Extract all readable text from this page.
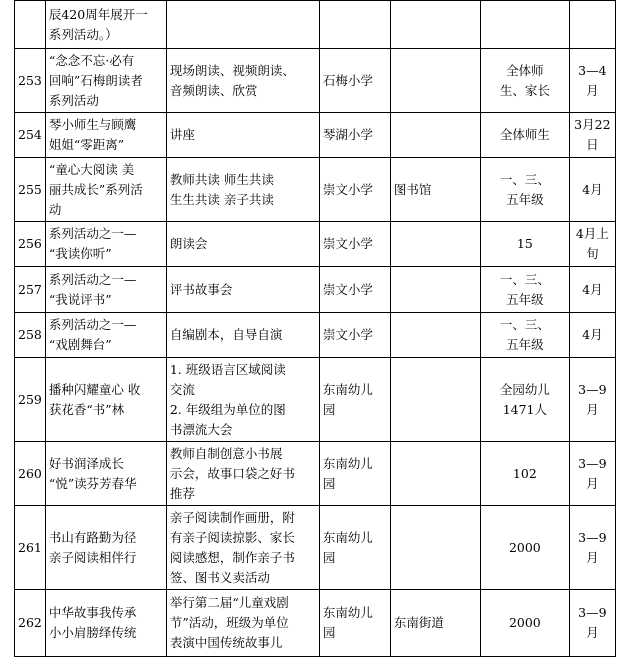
	辰420周年展开一
系列活动。）					
253	“念念不忘·必有
回响”石梅朗读者
系列活动	现场朗读、视频朗读、
音频朗读、欣赏	石梅小学		全体师
生、家长	3—4月
254	琴小师生与顾鹰
姐姐“零距离”	讲座	琴湖小学		全体师生	3月22
日
255	“童心大阅读 美
丽共成长”系列活
动	教师共读 师生共读
生生共读 亲子共读	崇文小学	图书馆	一、三、
五年级	4月
256	系列活动之一—
“我读你听”	朗读会	崇文小学		15	4月上
旬
257	系列活动之一—
“我说评书”	评书故事会	崇文小学		一、三、
五年级	4月
258	系列活动之一—
“戏剧舞台”	自编剧本，自导自演	崇文小学		一、三、
五年级	4月
259	播种闪耀童心 收
获花香“书”林	1. 班级语言区域阅读
交流
2. 年级组为单位的图
书漂流大会	东南幼儿
园		全园幼儿
1471人	3—9月
260	好书润泽成长
“悦”读芬芳春华	教师自制创意小书展
示会，故事口袋之好书
推荐	东南幼儿
园		102	3—9月
261	书山有路勤为径
亲子阅读相伴行	亲子阅读制作画册，附
有亲子阅读掠影、家长
阅读感想，制作亲子书
签、图书义卖活动	东南幼儿
园		2000	3—9月
262	中华故事我传承
小小肩膀绎传统	举行第二届“儿童戏剧
节”活动，班级为单位
表演中国传统故事儿	东南幼儿
园	东南街道	2000	3—9月
